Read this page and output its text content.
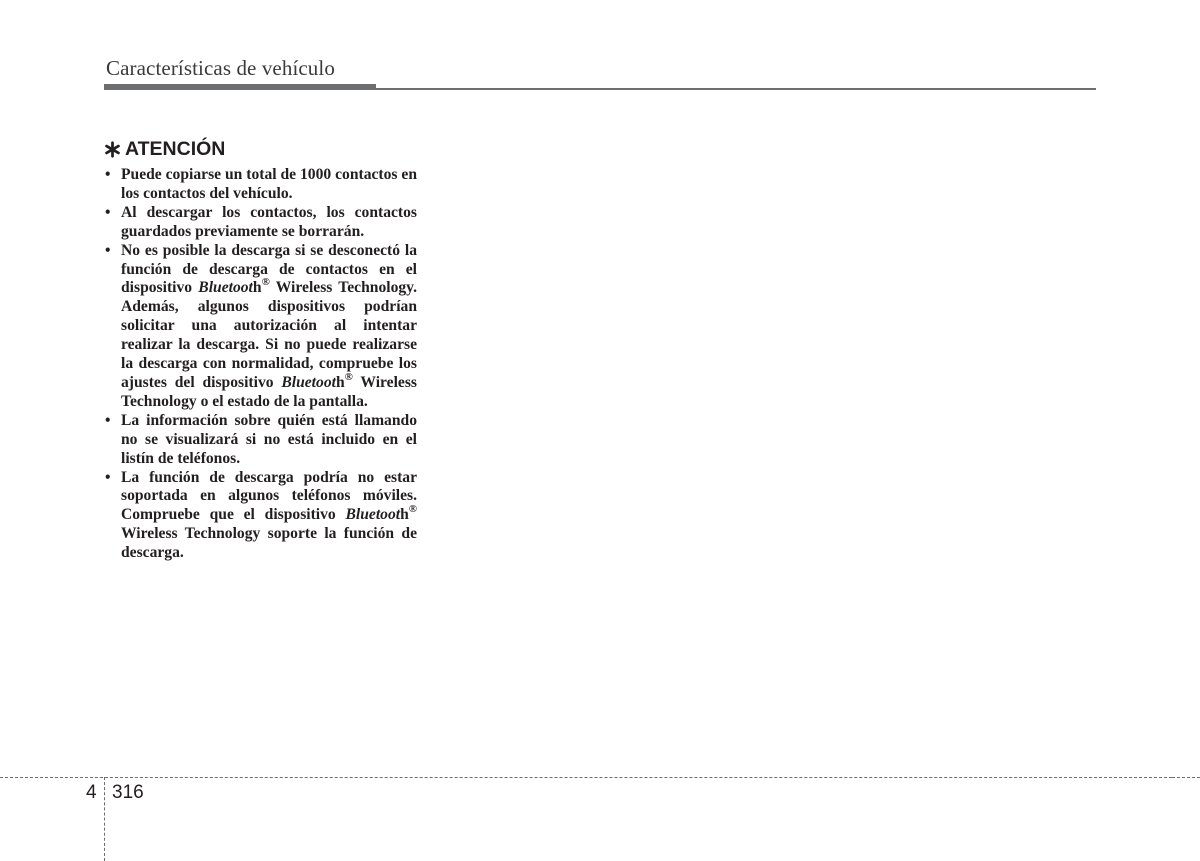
Características de vehículo
ATENCIÓN
• Puede copiarse un total de 1000 contactos en los contactos del vehículo.
• Al descargar los contactos, los contactos guardados previamente se borrarán.
• No es posible la descarga si se desconectó la función de descarga de contactos en el dispositivo Bluetooth® Wireless Technology. Además, algunos dispositivos podrían solicitar una autorización al intentar realizar la descarga. Si no puede realizarse la descarga con normalidad, compruebe los ajustes del dispositivo Bluetooth® Wireless Technology o el estado de la pantalla.
• La información sobre quién está llamando no se visualizará si no está incluido en el listín de teléfonos.
• La función de descarga podría no estar soportada en algunos teléfonos móviles. Compruebe que el dispositivo Bluetooth® Wireless Technology soporte la función de descarga.
4 316
